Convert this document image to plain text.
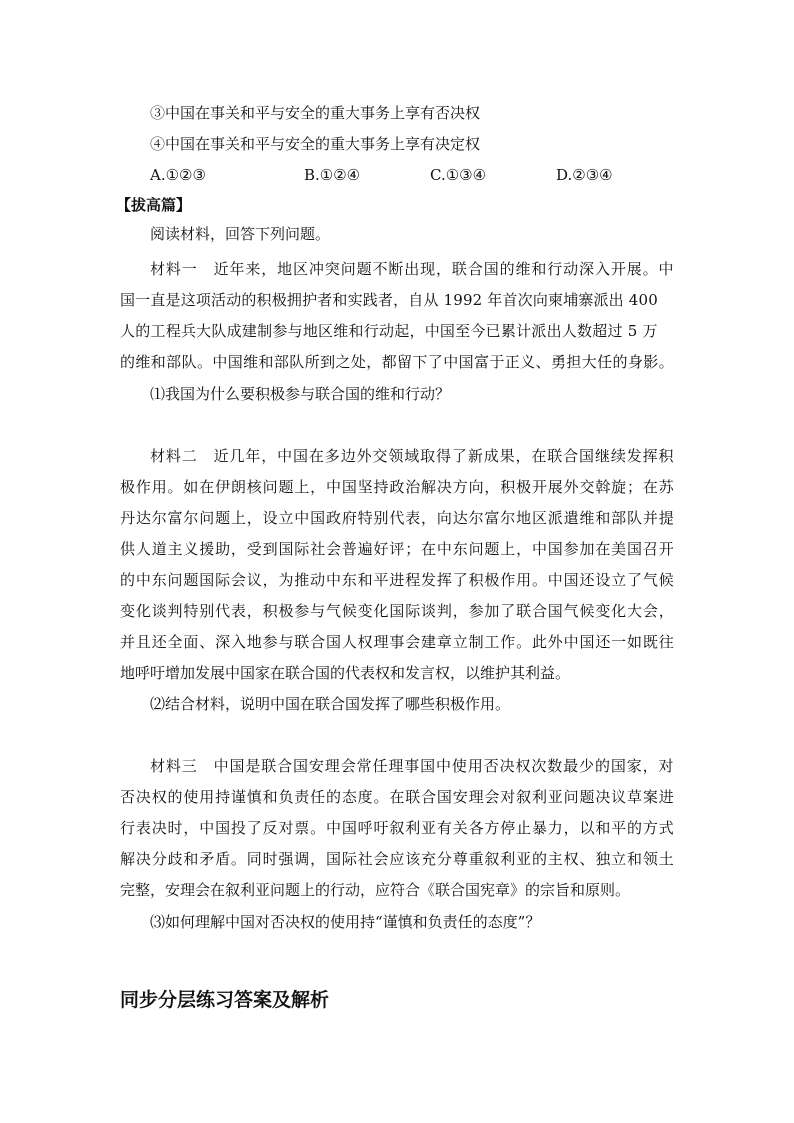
③中国在事关和平与安全的重大事务上享有否决权
④中国在事关和平与安全的重大事务上享有决定权
A.①②③	B.①②④	C.①③④	D.②③④
【拔高篇】
阅读材料，回答下列问题。
材 料 一
　 近 年 来 ， 地 区 冲 突 问 题 不 断 出 现 ， 联 合 国 的 维 和 行 动 深 入 开 展 。 中
国 一 直 是 这 项 活 动 的 积 极 拥 护 者 和 实 践 者 ， 自 从
1 9 9 2
年 首 次 向 柬 埔 寨 派 出
4 0 0
人 的 工 程 兵 大 队 成 建 制 参 与 地 区 维 和 行 动 起 ， 中 国 至 今 已 累 计 派 出 人 数 超 过
5
万
的 维 和 部 队 。 中 国 维 和 部 队 所 到 之 处 ， 都 留 下 了 中 国 富 于 正 义 、 勇 担 大 任 的 身 影 。
⑴我国为什么要积极参与联合国的维和行动？
材 料 二
　 近 几 年 ， 中 国 在 多 边 外 交 领 域 取 得 了 新 成 果 ， 在 联 合 国 继 续 发 挥 积
极 作 用 。 如 在 伊 朗 核 问 题 上 ， 中 国 坚 持 政 治 解 决 方 向 ， 积 极 开 展 外 交 斡 旋 ； 在 苏
丹 达 尔 富 尔 问 题 上 ， 设 立 中 国 政 府 特 别 代 表 ， 向 达 尔 富 尔 地 区 派 遣 维 和 部 队 并 提
供 人 道 主 义 援 助 ， 受 到 国 际 社 会 普 遍 好 评 ； 在 中 东 问 题 上 ， 中 国 参 加 在 美 国 召 开
的 中 东 问 题 国 际 会 议 ， 为 推 动 中 东 和 平 进 程 发 挥 了 积 极 作 用 。 中 国 还 设 立 了 气 候
变 化 谈 判 特 别 代 表 ， 积 极 参 与 气 候 变 化 国 际 谈 判 ， 参 加 了 联 合 国 气 候 变 化 大 会 ，
并 且 还 全 面 、 深 入 地 参 与 联 合 国 人 权 理 事 会 建 章 立 制 工 作 。 此 外 中 国 还 一 如 既 往
地呼吁增加发展中国家在联合国的代表权和发言权，以维护其利益。
⑵结合材料，说明中国在联合国发挥了哪些积极作用。
材 料 三
　 中 国 是 联 合 国 安 理 会 常 任 理 事 国 中 使 用 否 决 权 次 数 最 少 的 国 家 ， 对
否 决 权 的 使 用 持 谨 慎 和 负 责 任 的 态 度 。 在 联 合 国 安 理 会 对 叙 利 亚 问 题 决 议 草 案 进
行 表 决 时 ， 中 国 投 了 反 对 票 。 中 国 呼 吁 叙 利 亚 有 关 各 方 停 止 暴 力 ， 以 和 平 的 方 式
解 决 分 歧 和 矛 盾 。 同 时 强 调 ， 国 际 社 会 应 该 充 分 尊 重 叙 利 亚 的 主 权 、 独 立 和 领 土
完整，安理会在叙利亚问题上的行动，应符合《联合国宪章》的宗旨和原则。
⑶如何理解中国对否决权的使用持“谨慎和负责任的态度”？
同步分层练习答案及解析
